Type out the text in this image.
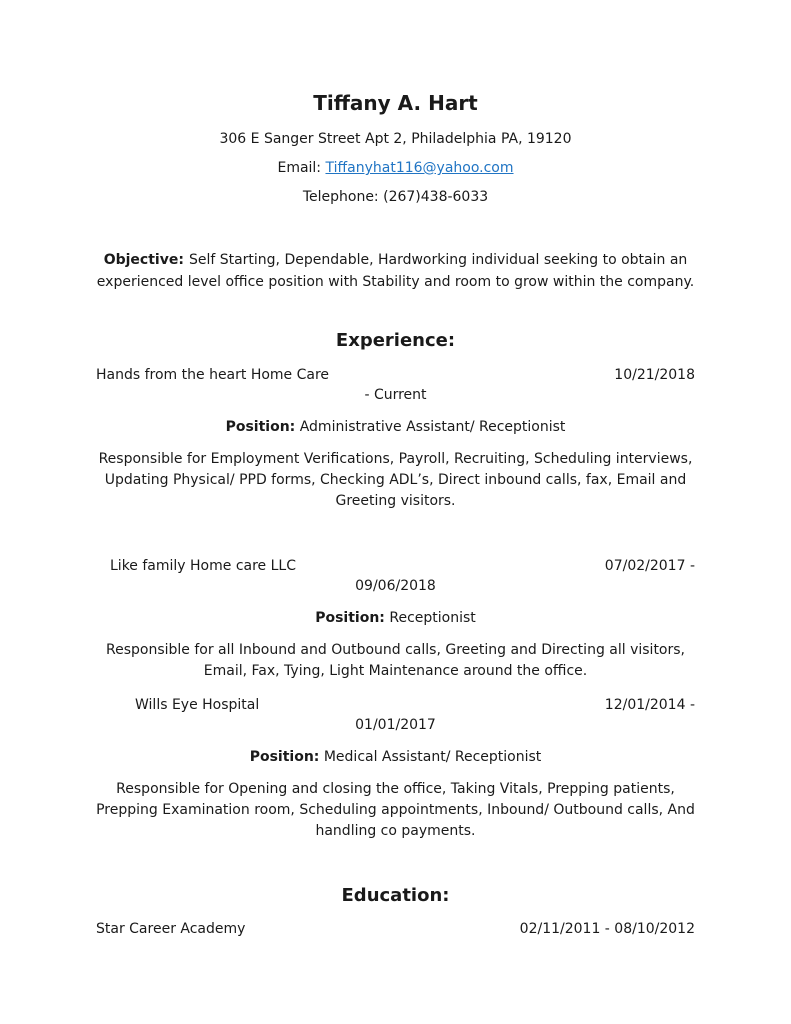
Tiffany A. Hart

306 E Sanger Street Apt 2, Philadelphia PA, 19120

Email: Tiffanyhat116@yahoo.com

Telephone: (267)438-6033

Objective: Self Starting, Dependable, Hardworking individual seeking to obtain an experienced level office position with Stability and room to grow within the company.

Experience:
Hands from the heart Home Care	10/21/2018
- Current

Position: Administrative Assistant/ Receptionist

Responsible for Employment Verifications, Payroll, Recruiting, Scheduling interviews, Updating Physical/ PPD forms, Checking ADL’s, Direct inbound calls, fax, Email and Greeting visitors.

Like family Home care LLC	07/02/2017 -
09/06/2018

Position: Receptionist

Responsible for all Inbound and Outbound calls, Greeting and Directing all visitors, Email, Fax, Tying, Light Maintenance around the office.

Wills Eye Hospital	12/01/2014 -
01/01/2017

Position: Medical Assistant/ Receptionist

Responsible for Opening and closing the office, Taking Vitals, Prepping patients, Prepping Examination room, Scheduling appointments, Inbound/ Outbound calls, And handling co payments.

Education:
Star Career Academy	02/11/2011 - 08/10/2012
